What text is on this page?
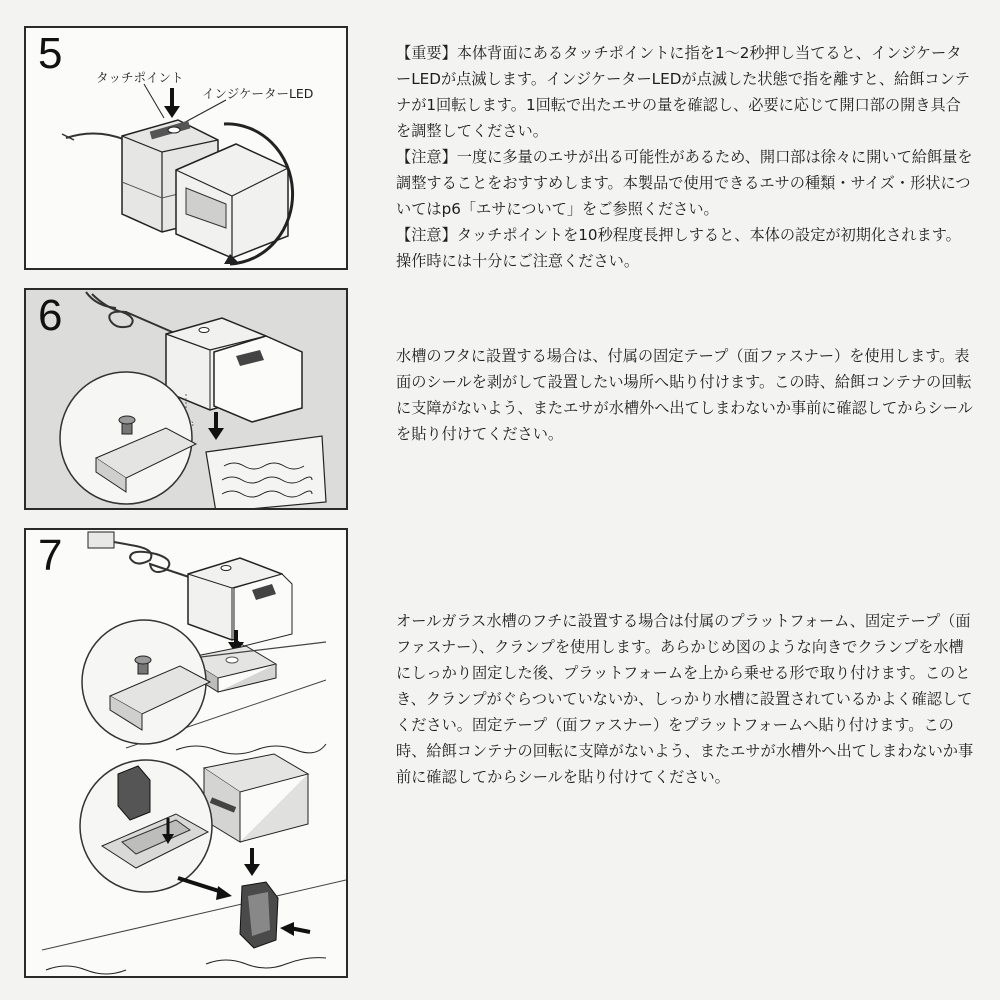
5	タッチポイント
インジケーターLED

【重要】本体背面にあるタッチポイントに指を1～2秒押し当てると、インジケーターLEDが点滅します。インジケーターLEDが点滅した状態で指を離すと、給餌コンテナが1回転します。1回転で出たエサの量を確認し、必要に応じて開口部の開き具合を調整してください。

【注意】一度に多量のエサが出る可能性があるため、開口部は徐々に開いて給餌量を調整することをおすすめします。本製品で使用できるエサの種類・サイズ・形状についてはp6「エサについて」をご参照ください。

【注意】タッチポイントを10秒程度長押しすると、本体の設定が初期化されます。操作時には十分にご注意ください。

6

水槽のフタに設置する場合は、付属の固定テープ（面ファスナー）を使用します。表面のシールを剥がして設置したい場所へ貼り付けます。この時、給餌コンテナの回転に支障がないよう、またエサが水槽外へ出てしまわないか事前に確認してからシールを貼り付けてください。

7

オールガラス水槽のフチに設置する場合は付属のプラットフォーム、固定テープ（面ファスナー）、クランプを使用します。あらかじめ図のような向きでクランプを水槽にしっかり固定した後、プラットフォームを上から乗せる形で取り付けます。このとき、クランプがぐらついていないか、しっかり水槽に設置されているかよく確認してください。固定テープ（面ファスナー）をプラットフォームへ貼り付けます。この時、給餌コンテナの回転に支障がないよう、またエサが水槽外へ出てしまわないか事前に確認してからシールを貼り付けてください。
